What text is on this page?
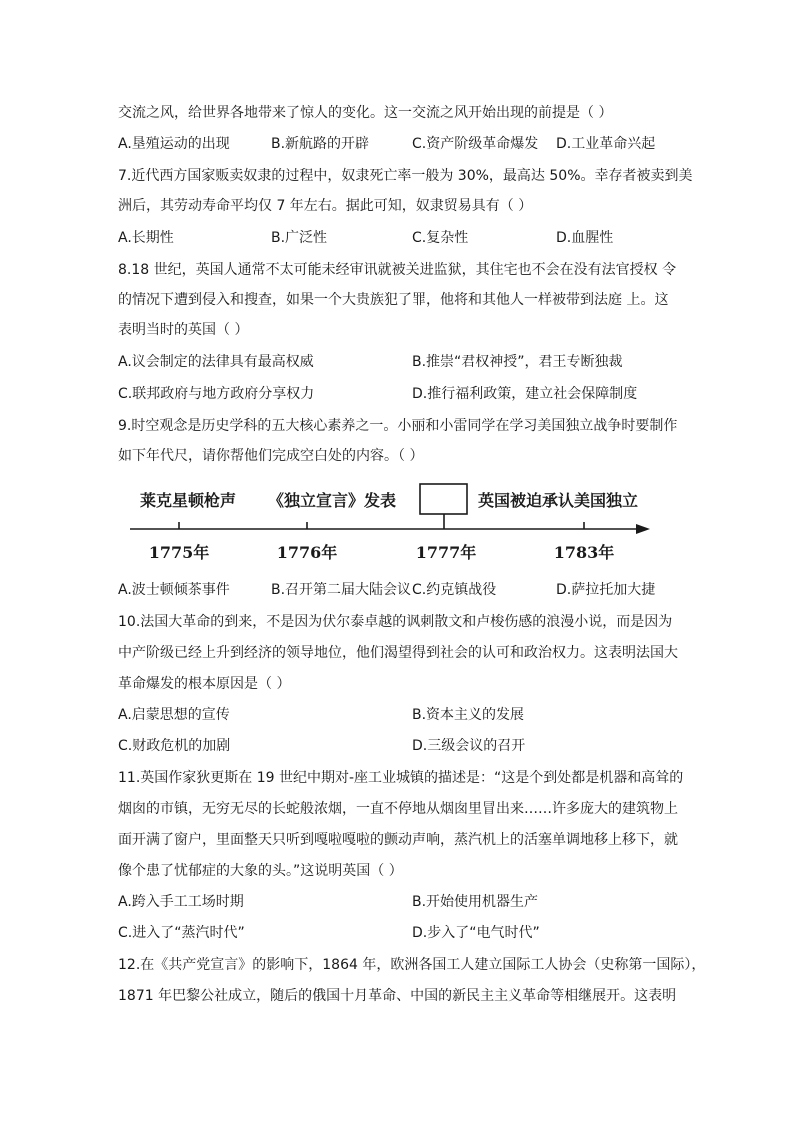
交流之风，给世界各地带来了惊人的变化。这一交流之风开始出现的前提是（ ）
A.垦殖运动的出现	B.新航路的开辟	C.资产阶级革命爆发 D.工业革命兴起
7.近代西方国家贩卖奴隶的过程中，奴隶死亡率一般为 30%，最高达 50%。幸存者被卖到美
洲后，其劳动寿命平均仅 7 年左右。据此可知，奴隶贸易具有（ ）
A.长期性	B.广泛性	C.复杂性	D.血腥性
8.18 世纪，英国人通常不太可能未经审讯就被关进监狱，其住宅也不会在没有法官授权 令
的情况下遭到侵入和搜查，如果一个大贵族犯了罪，他将和其他人一样被带到法庭 上。这
表明当时的英国（ ）
A.议会制定的法律具有最高权威	B.推崇“君权神授”，君王专断独裁
C.联邦政府与地方政府分享权力	D.推行福利政策，建立社会保障制度
9.时空观念是历史学科的五大核心素养之一。小丽和小雷同学在学习美国独立战争时要制作
如下年代尺，请你帮他们完成空白处的内容。（ ）
莱克星顿枪声 《独立宣言》发表	英国被迫承认美国独立
1775年	1776年	1777年	1783年
A.波士顿倾茶事件	B.召开第二届大陆会议 C.约克镇战役	D.萨拉托加大捷
10.法国大革命的到来，不是因为伏尔泰卓越的讽刺散文和卢梭伤感的浪漫小说，而是因为
中产阶级已经上升到经济的领导地位，他们渴望得到社会的认可和政治权力。这表明法国大
革命爆发的根本原因是（ ）
A.启蒙思想的宣传	B.资本主义的发展
C.财政危机的加剧	D.三级会议的召开
11.英国作家狄更斯在 19 世纪中期对-座工业城镇的描述是：“这是个到处都是机器和高耸的
烟囱的市镇，无穷无尽的长蛇般浓烟，一直不停地从烟囱里冒出来……许多庞大的建筑物上
面开满了窗户，里面整天只听到嘎啦嘎啦的颤动声响，蒸汽机上的活塞单调地移上移下，就
像个患了忧郁症的大象的头。”这说明英国（ ）
A.跨入手工工场时期	B.开始使用机器生产
C.进入了“蒸汽时代”	D.步入了“电气时代”
12.在《共产党宣言》的影响下，1864 年，欧洲各国工人建立国际工人协会（史称第一国际），
1871 年巴黎公社成立，随后的俄国十月革命、中国的新民主主义革命等相继展开。这表明
